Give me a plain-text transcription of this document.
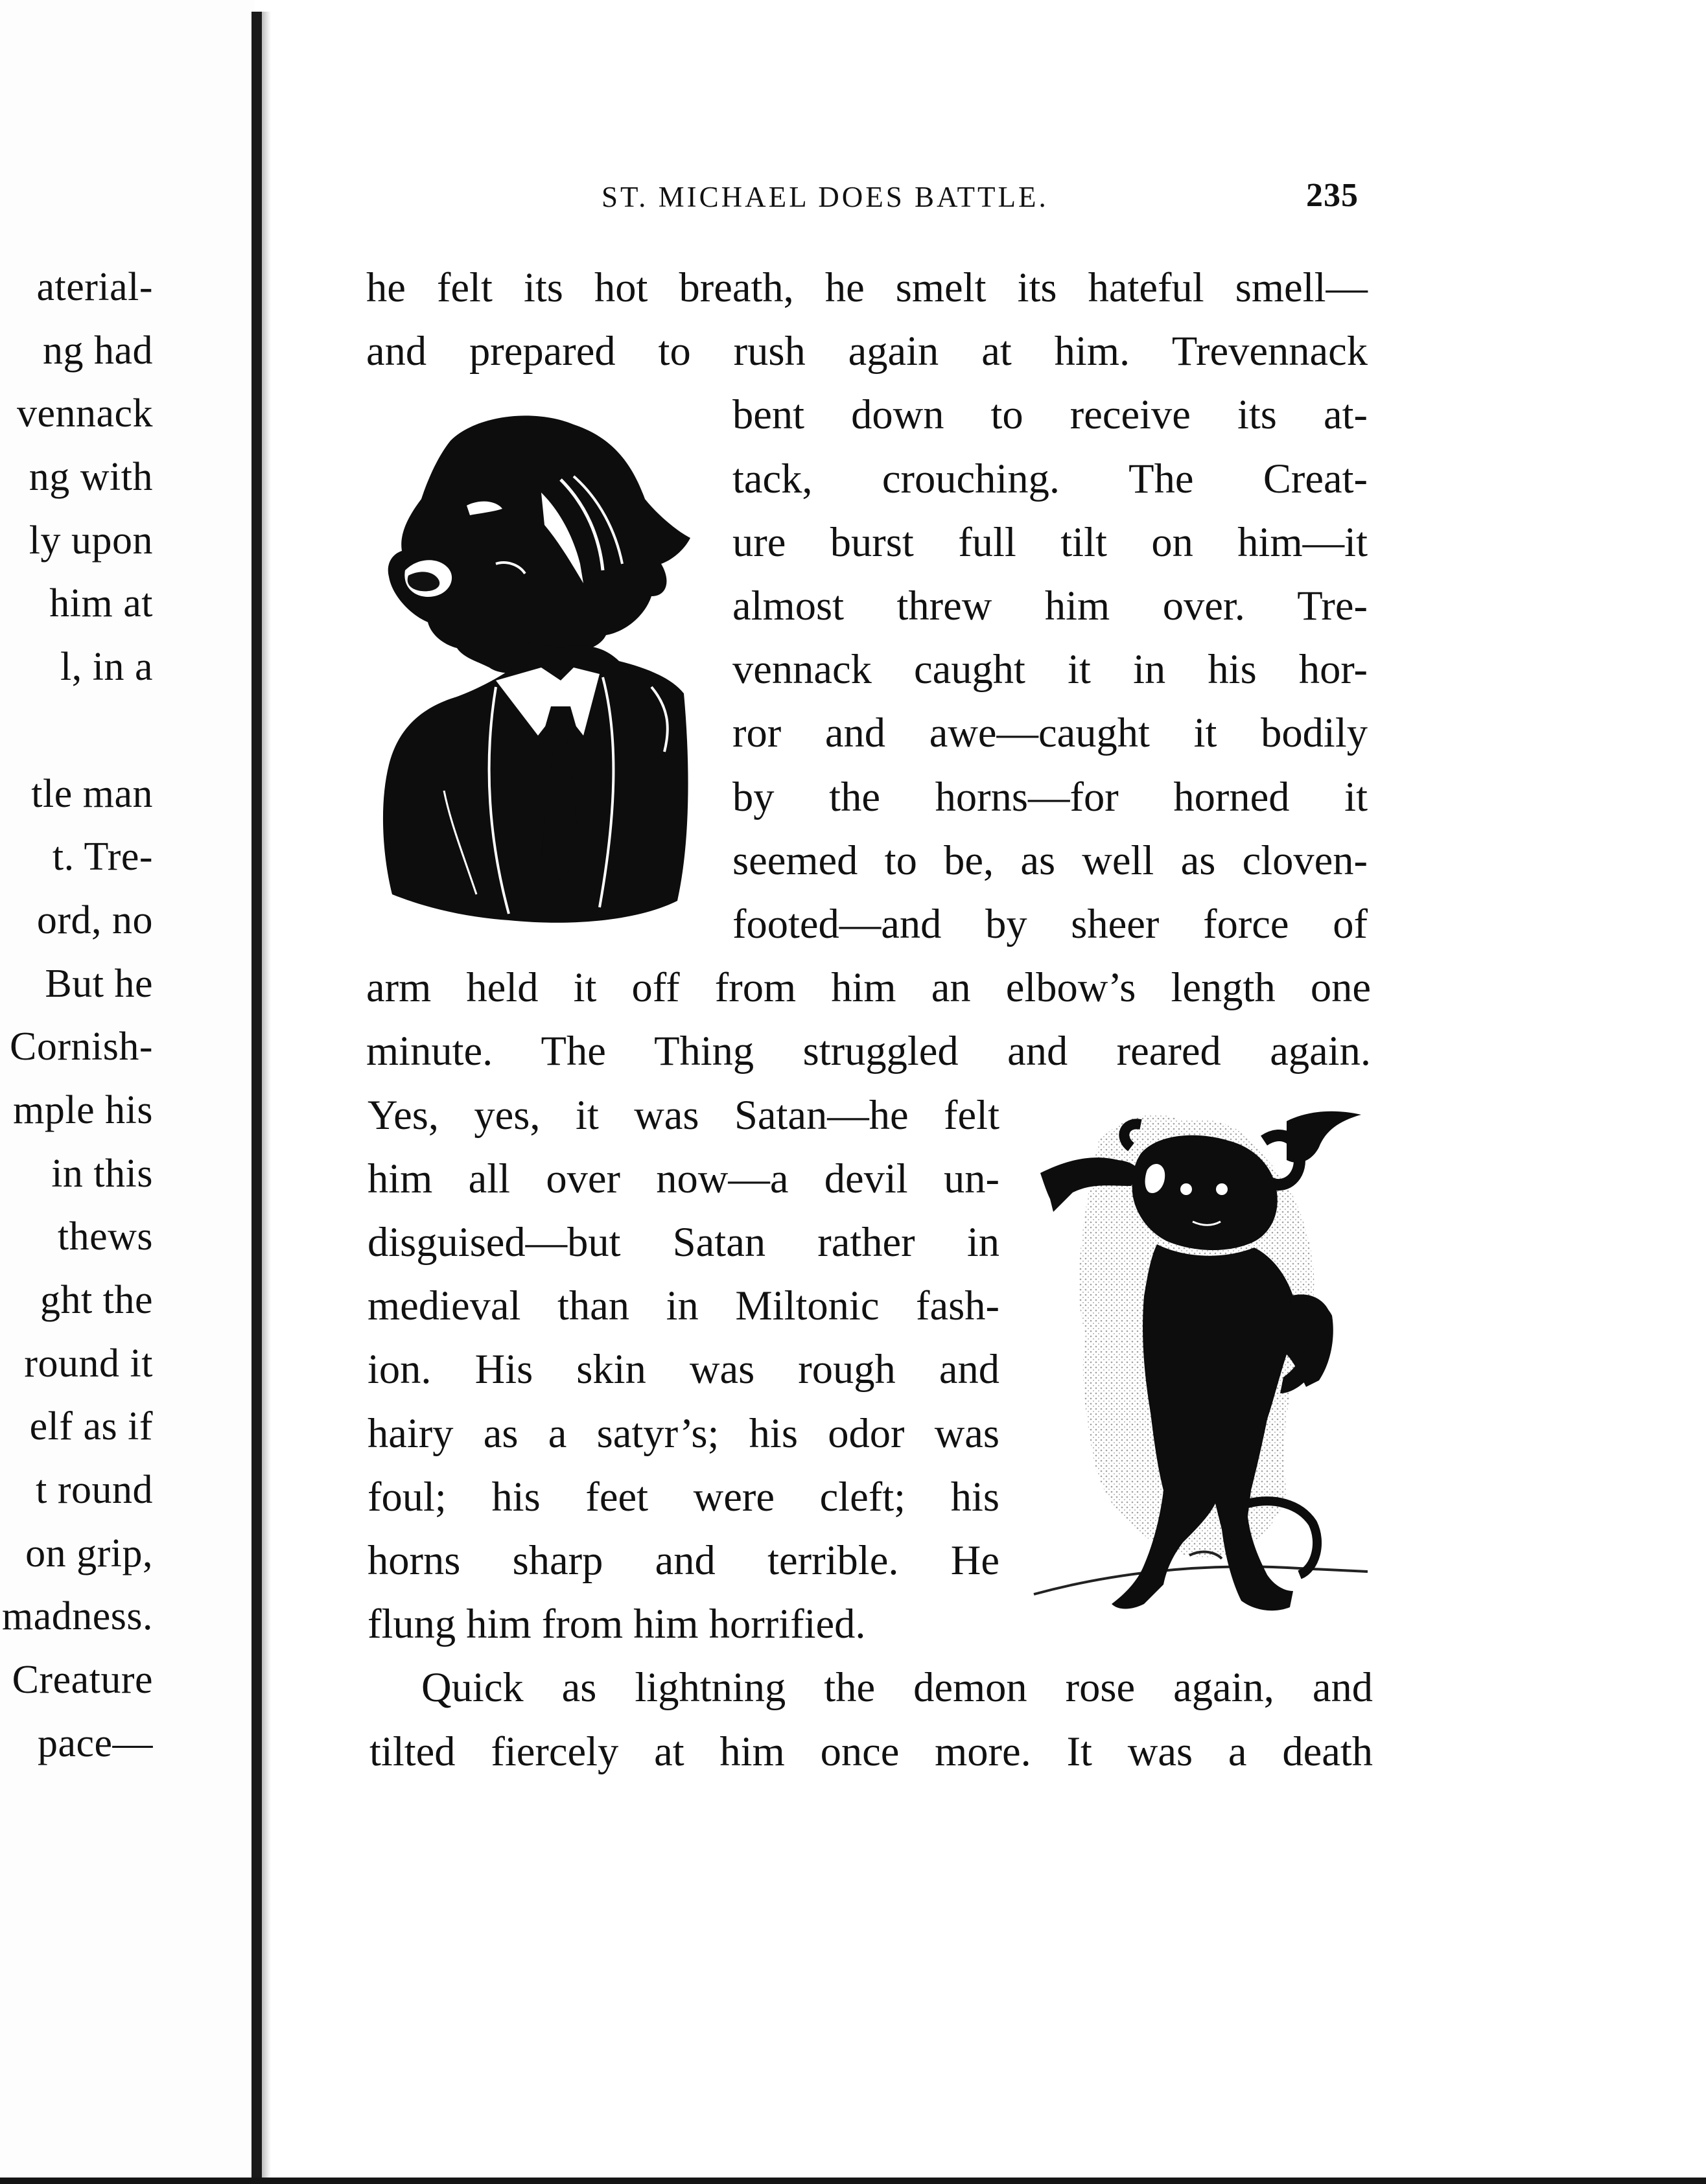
aterial-
ng had
vennack
ng with
ly upon
him at
l, in a
tle man
t. Tre-
ord, no
But he
Cornish-
mple his
in this
thews
ght the
round it
elf as if
t round
on grip,
madness.
Creature
pace—
ST. MICHAEL DOES BATTLE.	235
he felt its hot breath, he smelt its hateful smell—
and prepared to rush again at him. Trevennack
bent down to receive its at-
tack, crouching. The Creat-
ure burst full tilt on him—it
almost threw him over. Tre-
vennack caught it in his hor-
ror and awe—caught it bodily
by the horns—for horned it
seemed to be, as well as cloven-
footed—and by sheer force of
arm held it off from him an elbow’s length one
minute. The Thing struggled and reared again.
Yes, yes, it was Satan—he felt
him all over now—a devil un-
disguised—but Satan rather in
medieval than in Miltonic fash-
ion. His skin was rough and
hairy as a satyr’s; his odor was
foul; his feet were cleft; his
horns sharp and terrible. He
flung him from him horrified.
Quick as lightning the demon rose again, and
tilted fiercely at him once more. It was a death
